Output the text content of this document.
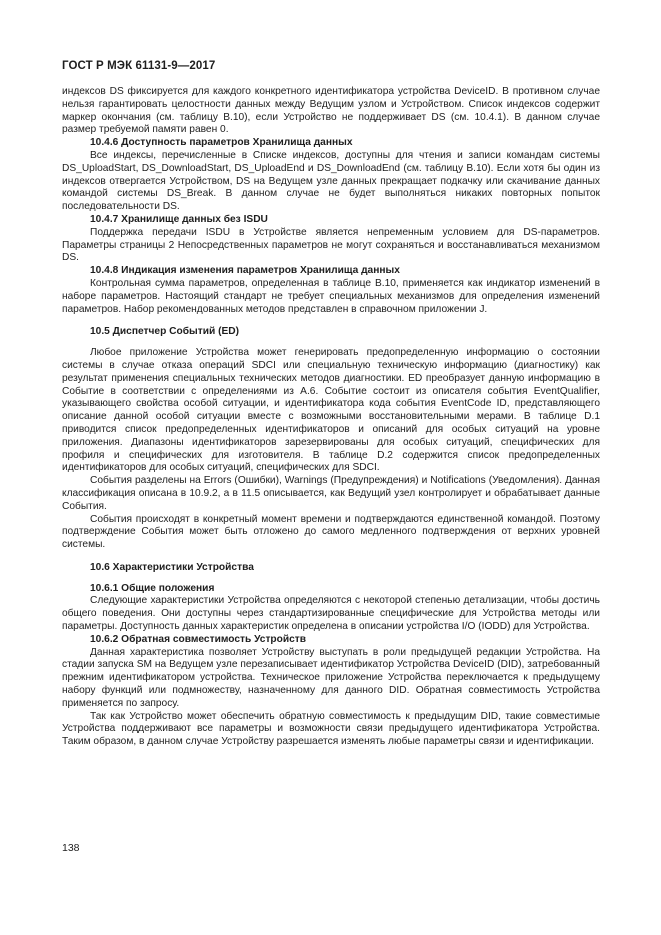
ГОСТ Р МЭК 61131-9—2017

индексов DS фиксируется для каждого конкретного идентификатора устройства DeviceID. В противном случае нельзя гарантировать целостности данных между Ведущим узлом и Устройством. Список индексов содержит маркер окончания (см. таблицу В.10), если Устройство не поддерживает DS (см. 10.4.1). В данном случае размер требуемой памяти равен 0.

10.4.6 Доступность параметров Хранилища данных

Все индексы, перечисленные в Списке индексов, доступны для чтения и записи командам системы DS_UploadStart, DS_DownloadStart, DS_UploadEnd и DS_DownloadEnd (см. таблицу В.10). Если хотя бы один из индексов отвергается Устройством, DS на Ведущем узле данных прекращает подкачку или скачивание данных командой системы DS_Break. В данном случае не будет выполняться никаких повторных попыток последовательности DS.

10.4.7 Хранилище данных без ISDU

Поддержка передачи ISDU в Устройстве является непременным условием для DS-параметров. Параметры страницы 2 Непосредственных параметров не могут сохраняться и восстанавливаться механизмом DS.

10.4.8 Индикация изменения параметров Хранилища данных

Контрольная сумма параметров, определенная в таблице В.10, применяется как индикатор изменений в наборе параметров. Настоящий стандарт не требует специальных механизмов для определения изменений параметров. Набор рекомендованных методов представлен в справочном приложении J.

10.5 Диспетчер Событий (ED)

Любое приложение Устройства может генерировать предопределенную информацию о состоянии системы в случае отказа операций SDCI или специальную техническую информацию (диагностику) как результат применения специальных технических методов диагностики. ED преобразует данную информацию в Событие в соответствии с определениями из А.6. Событие состоит из описателя события EventQualifier, указывающего свойства особой ситуации, и идентификатора кода события EventCode ID, представляющего описание данной особой ситуации вместе с возможными восстановительными мерами. В таблице D.1 приводится список предопределенных идентификаторов и описаний для особых ситуаций на уровне приложения. Диапазоны идентификаторов зарезервированы для особых ситуаций, специфических для профиля и специфических для изготовителя. В таблице D.2 содержится список предопределенных идентификаторов для особых ситуаций, специфических для SDCI.

События разделены на Errors (Ошибки), Warnings (Предупреждения) и Notifications (Уведомления). Данная классификация описана в 10.9.2, а в 11.5 описывается, как Ведущий узел контролирует и обрабатывает данные События.

События происходят в конкретный момент времени и подтверждаются единственной командой. Поэтому подтверждение События может быть отложено до самого медленного подтверждения от верхних уровней системы.

10.6 Характеристики Устройства
10.6.1 Общие положения

Следующие характеристики Устройства определяются с некоторой степенью детализации, чтобы достичь общего поведения. Они доступны через стандартизированные специфические для Устройства методы или параметры. Доступность данных характеристик определена в описании устройства I/O (IODD) для Устройства.

10.6.2 Обратная совместимость Устройств

Данная характеристика позволяет Устройству выступать в роли предыдущей редакции Устройства. На стадии запуска SM на Ведущем узле перезаписывает идентификатор Устройства DeviceID (DID), затребованный прежним идентификатором устройства. Техническое приложение Устройства переключается к предыдущему набору функций или подмножеству, назначенному для данного DID. Обратная совместимость Устройства применяется по запросу.

Так как Устройство может обеспечить обратную совместимость к предыдущим DID, такие совместимые Устройства поддерживают все параметры и возможности связи предыдущего идентификатора Устройства. Таким образом, в данном случае Устройству разрешается изменять любые параметры связи и идентификации.

138
